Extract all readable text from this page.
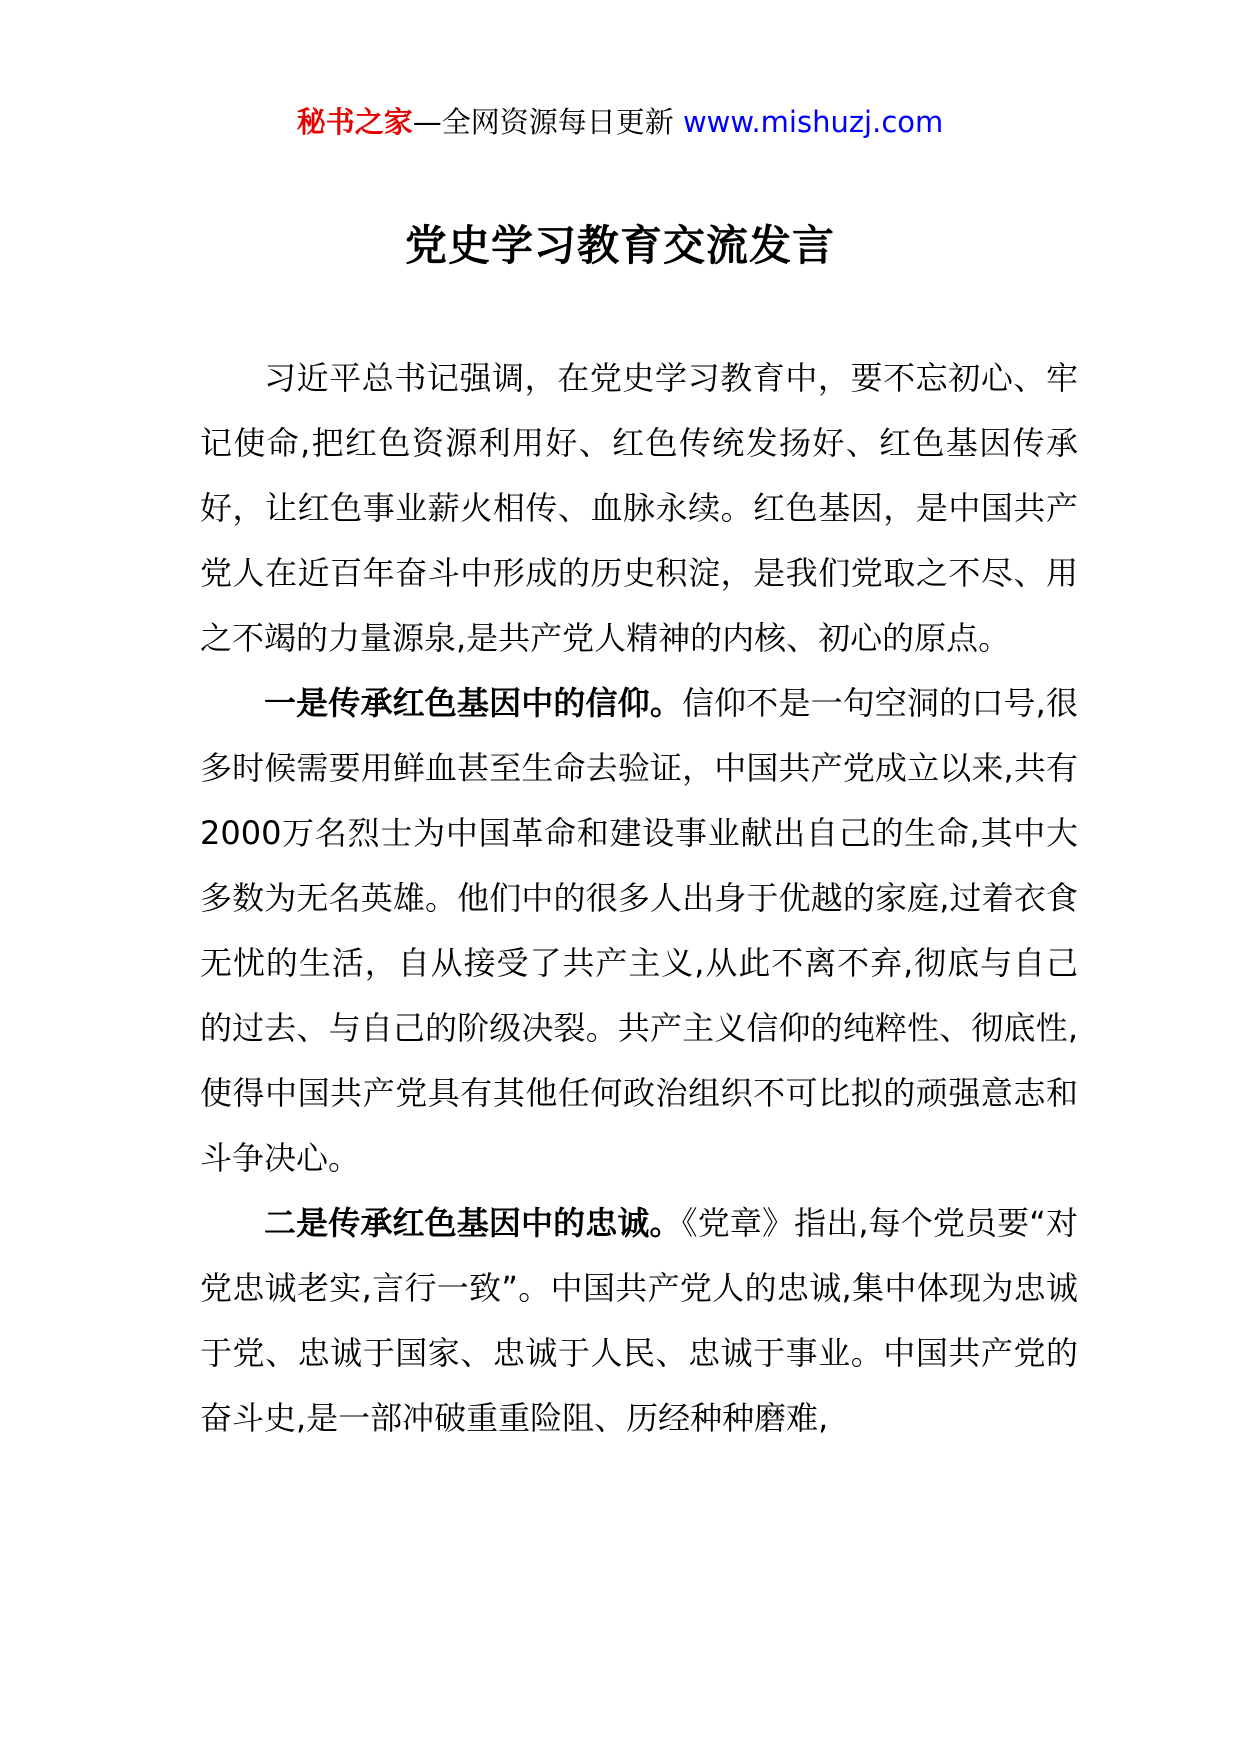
秘书之家—全网资源每日更新 www.mishuzj.com
党史学习教育交流发言

习近平总书记强调，在党史学习教育中，要不忘初心、牢记使命,把红色资源利用好、红色传统发扬好、红色基因传承好，让红色事业薪火相传、血脉永续。红色基因，是中国共产党人在近百年奋斗中形成的历史积淀，是我们党取之不尽、用之不竭的力量源泉,是共产党人精神的内核、初心的原点。

一是传承红色基因中的信仰。信仰不是一句空洞的口号,很多时候需要用鲜血甚至生命去验证，中国共产党成立以来,共有2000万名烈士为中国革命和建设事业献出自己的生命,其中大多数为无名英雄。他们中的很多人出身于优越的家庭,过着衣食无忧的生活，自从接受了共产主义,从此不离不弃,彻底与自己的过去、与自己的阶级决裂。共产主义信仰的纯粹性、彻底性,使得中国共产党具有其他任何政治组织不可比拟的顽强意志和斗争决心。

二是传承红色基因中的忠诚。《党章》指出,每个党员要“对党忠诚老实,言行一致”。中国共产党人的忠诚,集中体现为忠诚于党、忠诚于国家、忠诚于人民、忠诚于事业。中国共产党的奋斗史,是一部冲破重重险阻、历经种种磨难,
